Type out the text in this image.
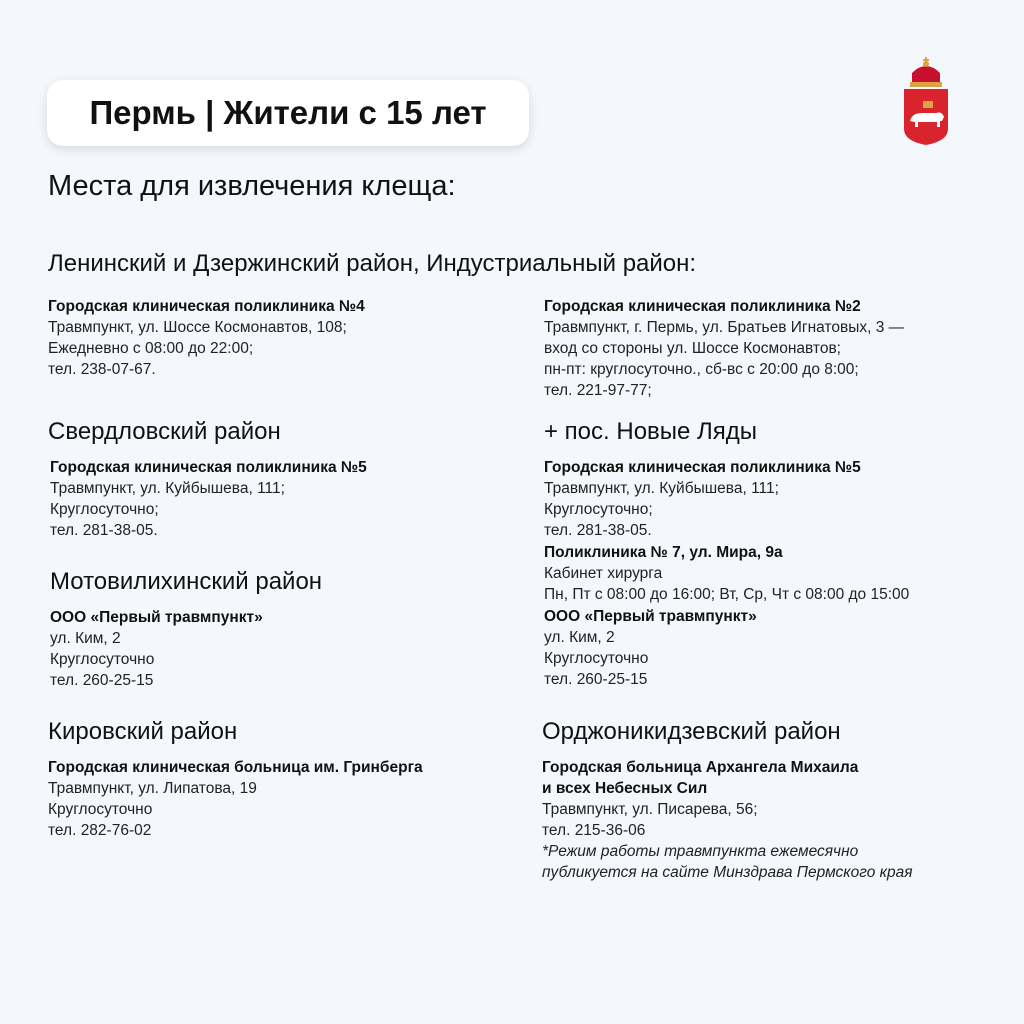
Пермь | Жители с 15 лет
Места для извлечения клеща:
Ленинский и Дзержинский район, Индустриальный район:
Городская клиническая поликлиника №4
Травмпункт, ул. Шоссе Космонавтов, 108;
Ежедневно с 08:00 до 22:00;
тел. 238-07-67.
Свердловский район
Городская клиническая поликлиника №5
Травмпункт, ул. Куйбышева, 111;
Круглосуточно;
тел. 281-38-05.
Мотовилихинский район
ООО «Первый травмпункт»
ул. Ким, 2
Круглосуточно
тел. 260-25-15
Кировский район
Городская клиническая больница им. Гринберга
Травмпункт, ул. Липатова, 19
Круглосуточно
тел. 282-76-02
Городская клиническая поликлиника №2
Травмпункт, г. Пермь, ул. Братьев Игнатовых, 3 —
вход со стороны ул. Шоссе Космонавтов;
пн-пт: круглосуточно., сб-вс с 20:00 до 8:00;
тел. 221-97-77;
+ пос. Новые Ляды
Городская клиническая поликлиника №5
Травмпункт, ул. Куйбышева, 111;
Круглосуточно;
тел. 281-38-05.
Поликлиника № 7, ул. Мира, 9а
Кабинет хирурга
Пн, Пт с 08:00 до 16:00; Вт, Ср, Чт с 08:00 до 15:00
ООО «Первый травмпункт»
ул. Ким, 2
Круглосуточно
тел. 260-25-15
Орджоникидзевский район
Городская больница Архангела Михаила
и всех Небесных Сил
Травмпункт, ул. Писарева, 56;
тел. 215-36-06
*Режим работы травмпункта ежемесячно
публикуется на сайте Минздрава Пермского края
